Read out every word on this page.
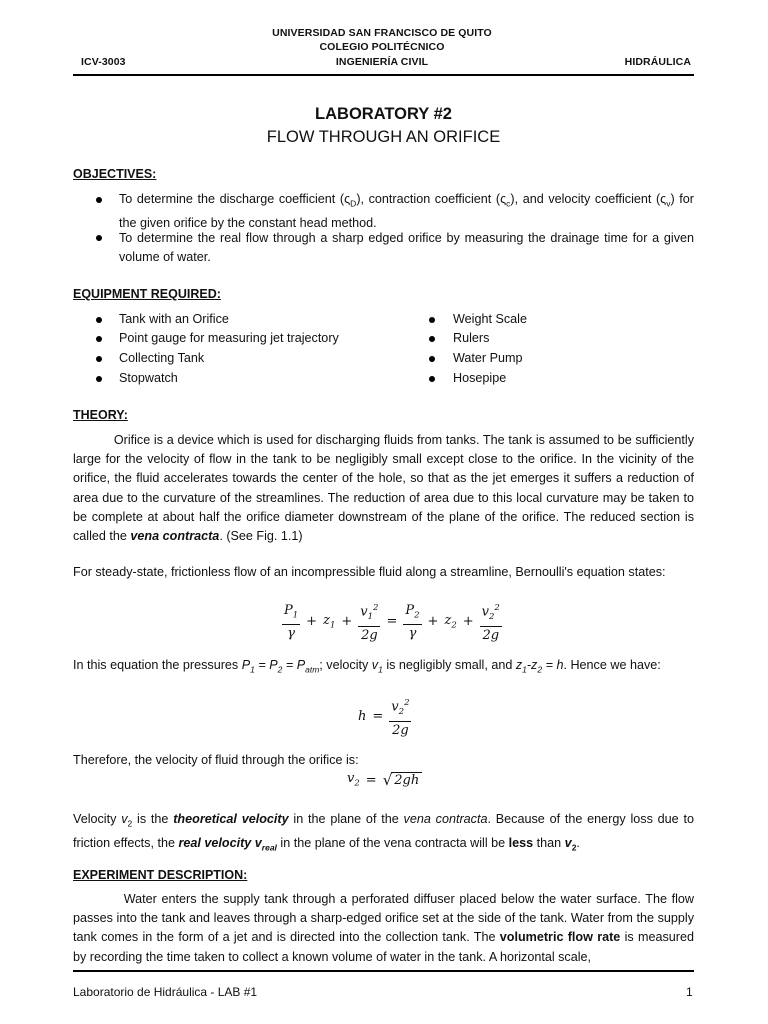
UNIVERSIDAD SAN FRANCISCO DE QUITO
COLEGIO POLITÉCNICO
ICV-3003	INGENIERÍA CIVIL	HIDRÁULICA
LABORATORY #2
FLOW THROUGH AN ORIFICE
OBJECTIVES:
To determine the discharge coefficient $(\varsigma_D)$, contraction coefficient $(\varsigma_c)$, and velocity coefficient $(\varsigma_v)$ for the given orifice by the constant head method.
To determine the real flow through a sharp edged orifice by measuring the drainage time for a given volume of water.
EQUIPMENT REQUIRED:
Tank with an Orifice
Point gauge for measuring jet trajectory
Collecting Tank
Stopwatch
Weight Scale
Rulers
Water Pump
Hosepipe
THEORY:
Orifice is a device which is used for discharging fluids from tanks. The tank is assumed to be sufficiently large for the velocity of flow in the tank to be negligibly small except close to the orifice. In the vicinity of the orifice, the fluid accelerates towards the center of the hole, so that as the jet emerges it suffers a reduction of area due to the curvature of the streamlines. The reduction of area due to this local curvature may be taken to be complete at about half the orifice diameter downstream of the plane of the orifice. The reduced section is called the vena contracta. (See Fig. 1.1)
For steady-state, frictionless flow of an incompressible fluid along a streamline, Bernoulli's equation states:
$\frac{P_1}{\gamma} + z_1 + \frac{v_1^2}{2g} = \frac{P_2}{\gamma} + z_2 + \frac{v_2^2}{2g}$
In this equation the pressures $P_1 = P_2 = P_{atm}$; velocity $v_1$ is negligibly small, and $z_1-z_2 = h$. Hence we have:
$h = \frac{v_2^2}{2g}$
Therefore, the velocity of fluid through the orifice is:
$v_2$ = √ 2gh
Velocity $v_2$ is the theoretical velocity in the plane of the vena contracta. Because of the energy loss due to friction effects, the real velocity $v_{real}$ in the plane of the vena contracta will be less than $v_2$.
EXPERIMENT DESCRIPTION:
Water enters the supply tank through a perforated diffuser placed below the water surface. The flow passes into the tank and leaves through a sharp-edged orifice set at the side of the tank. Water from the supply tank comes in the form of a jet and is directed into the collection tank. The volumetric flow rate is measured by recording the time taken to collect a known volume of water in the tank. A horizontal scale,
Laboratorio de Hidráulica - LAB #1	1
